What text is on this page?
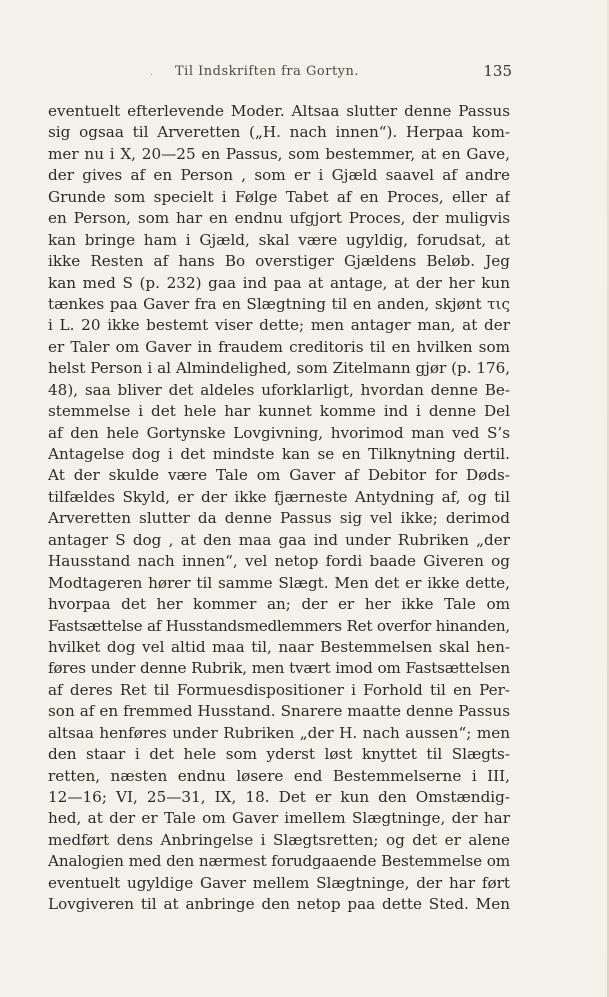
· Til Indskriften fra Gortyn.	135
eventuelt efterlevende Moder. Altsaa slutter denne Passus
sig ogsaa til Arveretten („H. nach innen“). Herpaa kom-
mer nu i X, 20—25 en Passus, som bestemmer, at en Gave,
der gives af en Person , som er i Gjæld saavel af andre
Grunde som specielt i Følge Tabet af en Proces, eller af
en Person, som har en endnu ufgjort Proces, der muligvis
kan bringe ham i Gjæld, skal være ugyldig, forudsat, at
ikke Resten af hans Bo overstiger Gjældens Beløb. Jeg
kan med S (p. 232) gaa ind paa at antage, at der her kun
tænkes paa Gaver fra en Slægtning til en anden, skjønt τις
i L. 20 ikke bestemt viser dette; men antager man, at der
er Taler om Gaver in fraudem creditoris til en hvilken som
helst Person i al Almindelighed, som Zitelmann gjør (p. 176,
48), saa bliver det aldeles uforklarligt, hvordan denne Be-
stemmelse i det hele har kunnet komme ind i denne Del
af den hele Gortynske Lovgivning, hvorimod man ved S’s
Antagelse dog i det mindste kan se en Tilknytning dertil.
At der skulde være Tale om Gaver af Debitor for Døds-
tilfældes Skyld, er der ikke fjærneste Antydning af, og til
Arveretten slutter da denne Passus sig vel ikke; derimod
antager S dog , at den maa gaa ind under Rubriken „der
Hausstand nach innen“, vel netop fordi baade Giveren og
Modtageren hører til samme Slægt. Men det er ikke dette,
hvorpaa det her kommer an; der er her ikke Tale om
Fastsættelse af Husstandsmedlemmers Ret overfor hinanden,
hvilket dog vel altid maa til, naar Bestemmelsen skal hen-
føres under denne Rubrik, men tvært imod om Fastsættelsen
af deres Ret til Formuesdispositioner i Forhold til en Per-
son af en fremmed Husstand. Snarere maatte denne Passus
altsaa henføres under Rubriken „der H. nach aussen“; men
den staar i det hele som yderst løst knyttet til Slægts-
retten, næsten endnu løsere end Bestemmelserne i III,
12—16; VI, 25—31, IX, 18. Det er kun den Omstændig-
hed, at der er Tale om Gaver imellem Slægtninge, der har
medført dens Anbringelse i Slægtsretten; og det er alene
Analogien med den nærmest forudgaaende Bestemmelse om
eventuelt ugyldige Gaver mellem Slægtninge, der har ført
Lovgiveren til at anbringe den netop paa dette Sted. Men
